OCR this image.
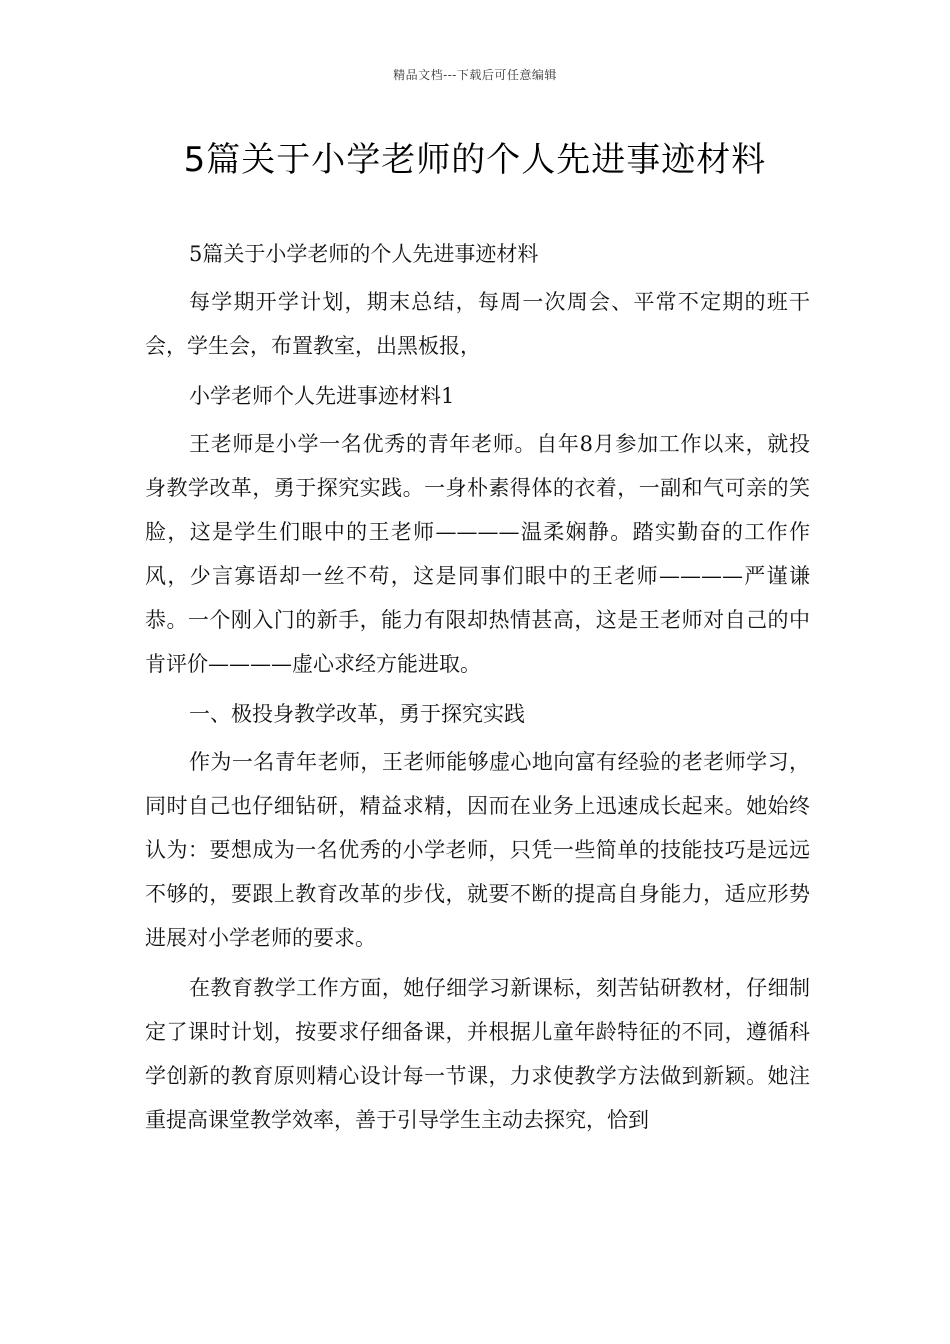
精品文档---下载后可任意编辑
5篇关于小学老师的个人先进事迹材料

5篇关于小学老师的个人先进事迹材料

每学期开学计划，期末总结，每周一次周会、平常不定期的班干会，学生会，布置教室，出黑板报，

小学老师个人先进事迹材料1

王老师是小学一名优秀的青年老师。自年8月参加工作以来，就投身教学改革，勇于探究实践。一身朴素得体的衣着，一副和气可亲的笑脸，这是学生们眼中的王老师————温柔娴静。踏实勤奋的工作作风，少言寡语却一丝不苟，这是同事们眼中的王老师————严谨谦恭。一个刚入门的新手，能力有限却热情甚高，这是王老师对自己的中肯评价————虚心求经方能进取。

一、极投身教学改革，勇于探究实践

作为一名青年老师，王老师能够虚心地向富有经验的老老师学习，同时自己也仔细钻研，精益求精，因而在业务上迅速成长起来。她始终认为：要想成为一名优秀的小学老师，只凭一些简单的技能技巧是远远不够的，要跟上教育改革的步伐，就要不断的提高自身能力，适应形势进展对小学老师的要求。

在教育教学工作方面，她仔细学习新课标，刻苦钻研教材，仔细制定了课时计划，按要求仔细备课，并根据儿童年龄特征的不同，遵循科学创新的教育原则精心设计每一节课，力求使教学方法做到新颖。她注重提高课堂教学效率，善于引导学生主动去探究，恰到
